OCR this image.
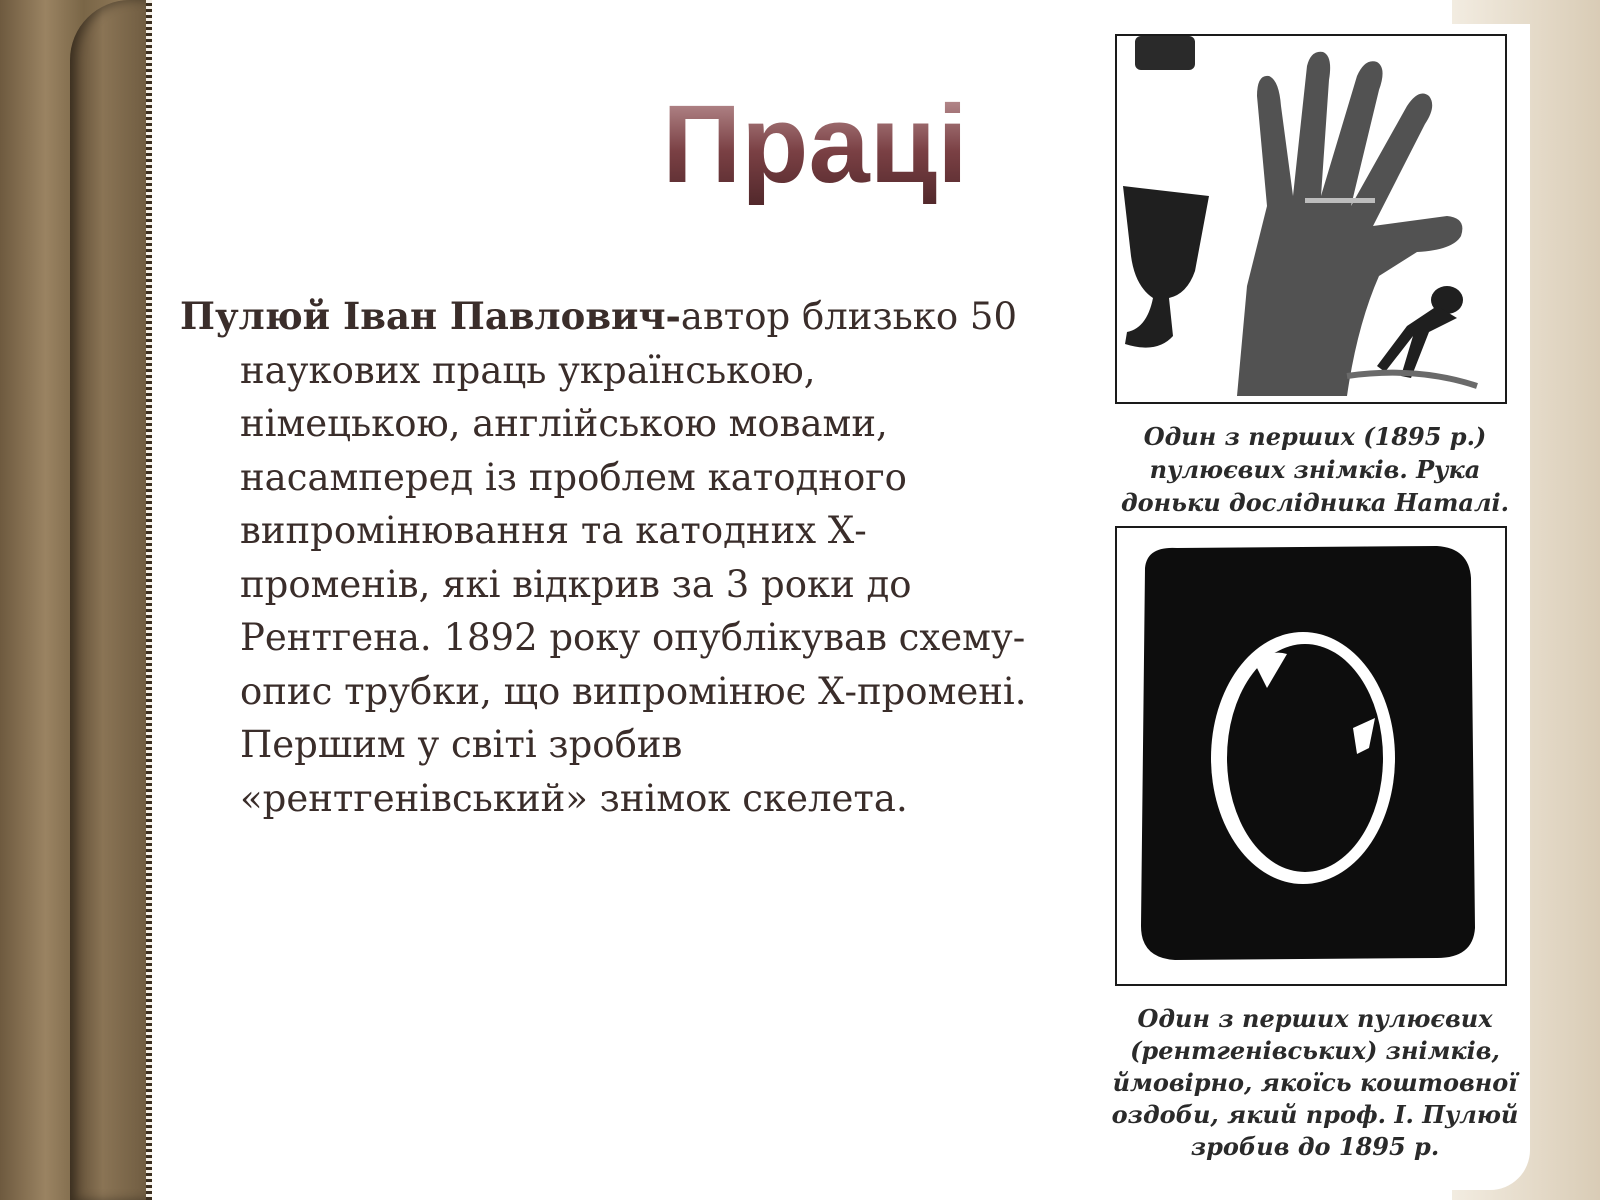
Праці

Пулюй Іван Павлович-автор близько 50 наукових праць українською, німецькою, англійською мовами, насамперед із проблем катодного випромінювання та катодних Х-променів, які відкрив за 3 роки до Рентгена. 1892 року опублікував схему-опис трубки, що випромінює Х-промені. Першим у світі зробив «рентгенівський» знімок скелета.

Один з перших (1895 р.) пулюєвих знімків. Рука доньки дослідника Наталі.

Один з перших пулюєвих (рентгенівських) знімків, ймовірно, якоїсь коштовної оздоби, який проф. І. Пулюй зробив до 1895 р.
